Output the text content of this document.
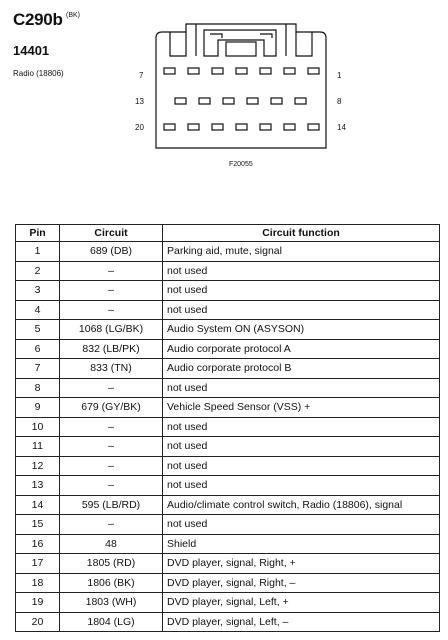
C290b (BK)
14401
Radio (18806)	7	1
13	8
20	14
F20055
Pin	Circuit	Circuit function
1	689 (DB)	Parking aid, mute, signal
2	–	not used
3	–	not used
4	–	not used
5	1068 (LG/BK)	Audio System ON (ASYSON)
6	832 (LB/PK)	Audio corporate protocol A
7	833 (TN)	Audio corporate protocol B
8	–	not used
9	679 (GY/BK)	Vehicle Speed Sensor (VSS) +
10	–	not used
11	–	not used
12	–	not used
13	–	not used
14	595 (LB/RD)	Audio/climate control switch, Radio (18806), signal
15	–	not used
16	48	Shield
17	1805 (RD)	DVD player, signal, Right, +
18	1806 (BK)	DVD player, signal, Right, –
19	1803 (WH)	DVD player, signal, Left, +
20	1804 (LG)	DVD player, signal, Left, –
